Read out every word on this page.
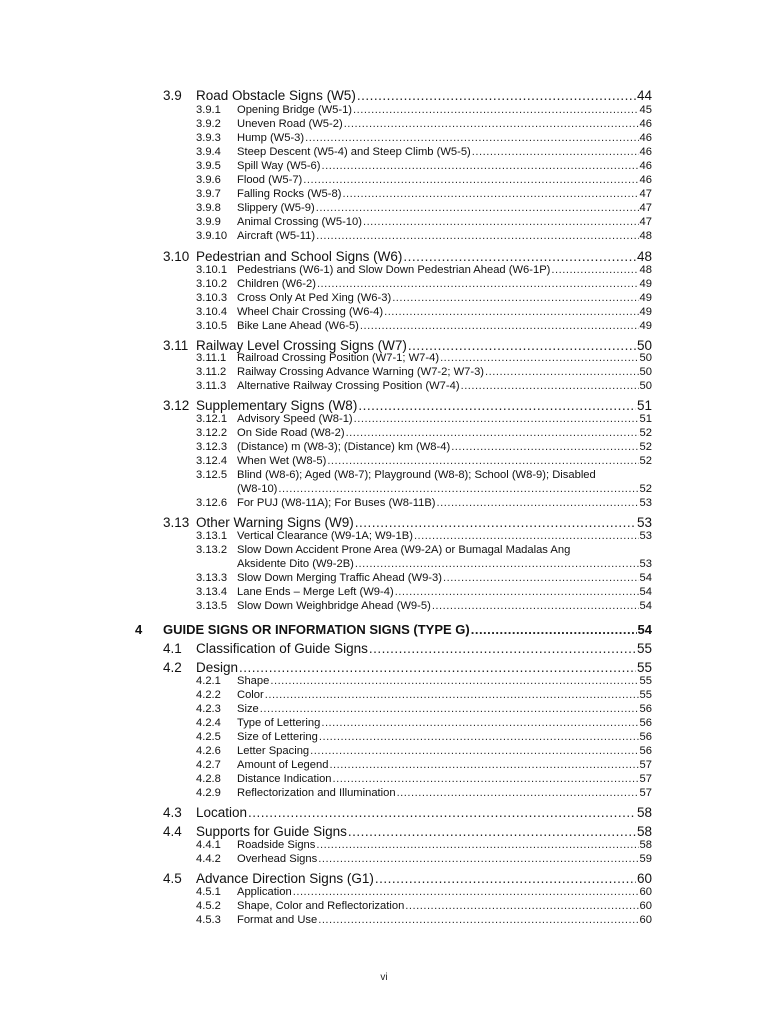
3.9	Road Obstacle Signs (W5) .....	44
3.9.1	Opening Bridge (W5-1) .....	45
3.9.2	Uneven Road (W5-2) .....	46
3.9.3	Hump (W5-3) .....	46
3.9.4	Steep Descent (W5-4) and Steep Climb (W5-5) .....	46
3.9.5	Spill Way (W5-6) .....	46
3.9.6	Flood (W5-7) .....	46
3.9.7	Falling Rocks (W5-8) .....	47
3.9.8	Slippery (W5-9) .....	47
3.9.9	Animal Crossing (W5-10) .....	47
3.9.10 Aircraft (W5-11) .....	48
3.10 Pedestrian and School Signs (W6) .....	48
3.10.1 Pedestrians (W6-1) and Slow Down Pedestrian Ahead (W6-1P) .....	48
3.10.2 Children (W6-2) .....	49
3.10.3 Cross Only At Ped Xing (W6-3) .....	49
3.10.4 Wheel Chair Crossing (W6-4) .....	49
3.10.5 Bike Lane Ahead (W6-5) .....	49
3.11 Railway Level Crossing Signs (W7) .....	50
3.11.1 Railroad Crossing Position (W7-1; W7-4) .....	50
3.11.2 Railway Crossing Advance Warning (W7-2; W7-3) .....	50
3.11.3 Alternative Railway Crossing Position (W7-4) .....	50
3.12 Supplementary Signs (W8) .....	51
3.12.1 Advisory Speed (W8-1) .....	51
3.12.2 On Side Road (W8-2) .....	52
3.12.3 (Distance) m (W8-3); (Distance) km (W8-4) .....	52
3.12.4 When Wet (W8-5) .....	52
3.12.5 Blind (W8-6); Aged (W8-7); Playground (W8-8); School (W8-9); Disabled
(W8-10) .....	52
3.12.6 For PUJ (W8-11A); For Buses (W8-11B) .....	53
3.13 Other Warning Signs (W9) .....	53
3.13.1 Vertical Clearance (W9-1A; W9-1B) .....	53
3.13.2 Slow Down Accident Prone Area (W9-2A) or Bumagal Madalas Ang
Aksidente Dito (W9-2B) .....	53
3.13.3 Slow Down Merging Traffic Ahead (W9-3) .....	54
3.13.4 Lane Ends – Merge Left (W9-4) .....	54
3.13.5 Slow Down Weighbridge Ahead (W9-5) .....	54
4	GUIDE SIGNS OR INFORMATION SIGNS (TYPE G) .....	54
4.1	Classification of Guide Signs .....	55
4.2	Design .....	55
4.2.1	Shape .....	55
4.2.2	Color .....	55
4.2.3	Size .....	56
4.2.4	Type of Lettering .....	56
4.2.5	Size of Lettering .....	56
4.2.6	Letter Spacing .....	56
4.2.7	Amount of Legend .....	57
4.2.8	Distance Indication .....	57
4.2.9	Reflectorization and Illumination .....	57
4.3	Location .....	58
4.4	Supports for Guide Signs .....	58
4.4.1	Roadside Signs .....	58
4.4.2	Overhead Signs .....	59
4.5	Advance Direction Signs (G1) .....	60
4.5.1	Application .....	60
4.5.2	Shape, Color and Reflectorization .....	60
4.5.3	Format and Use .....	60
vi
